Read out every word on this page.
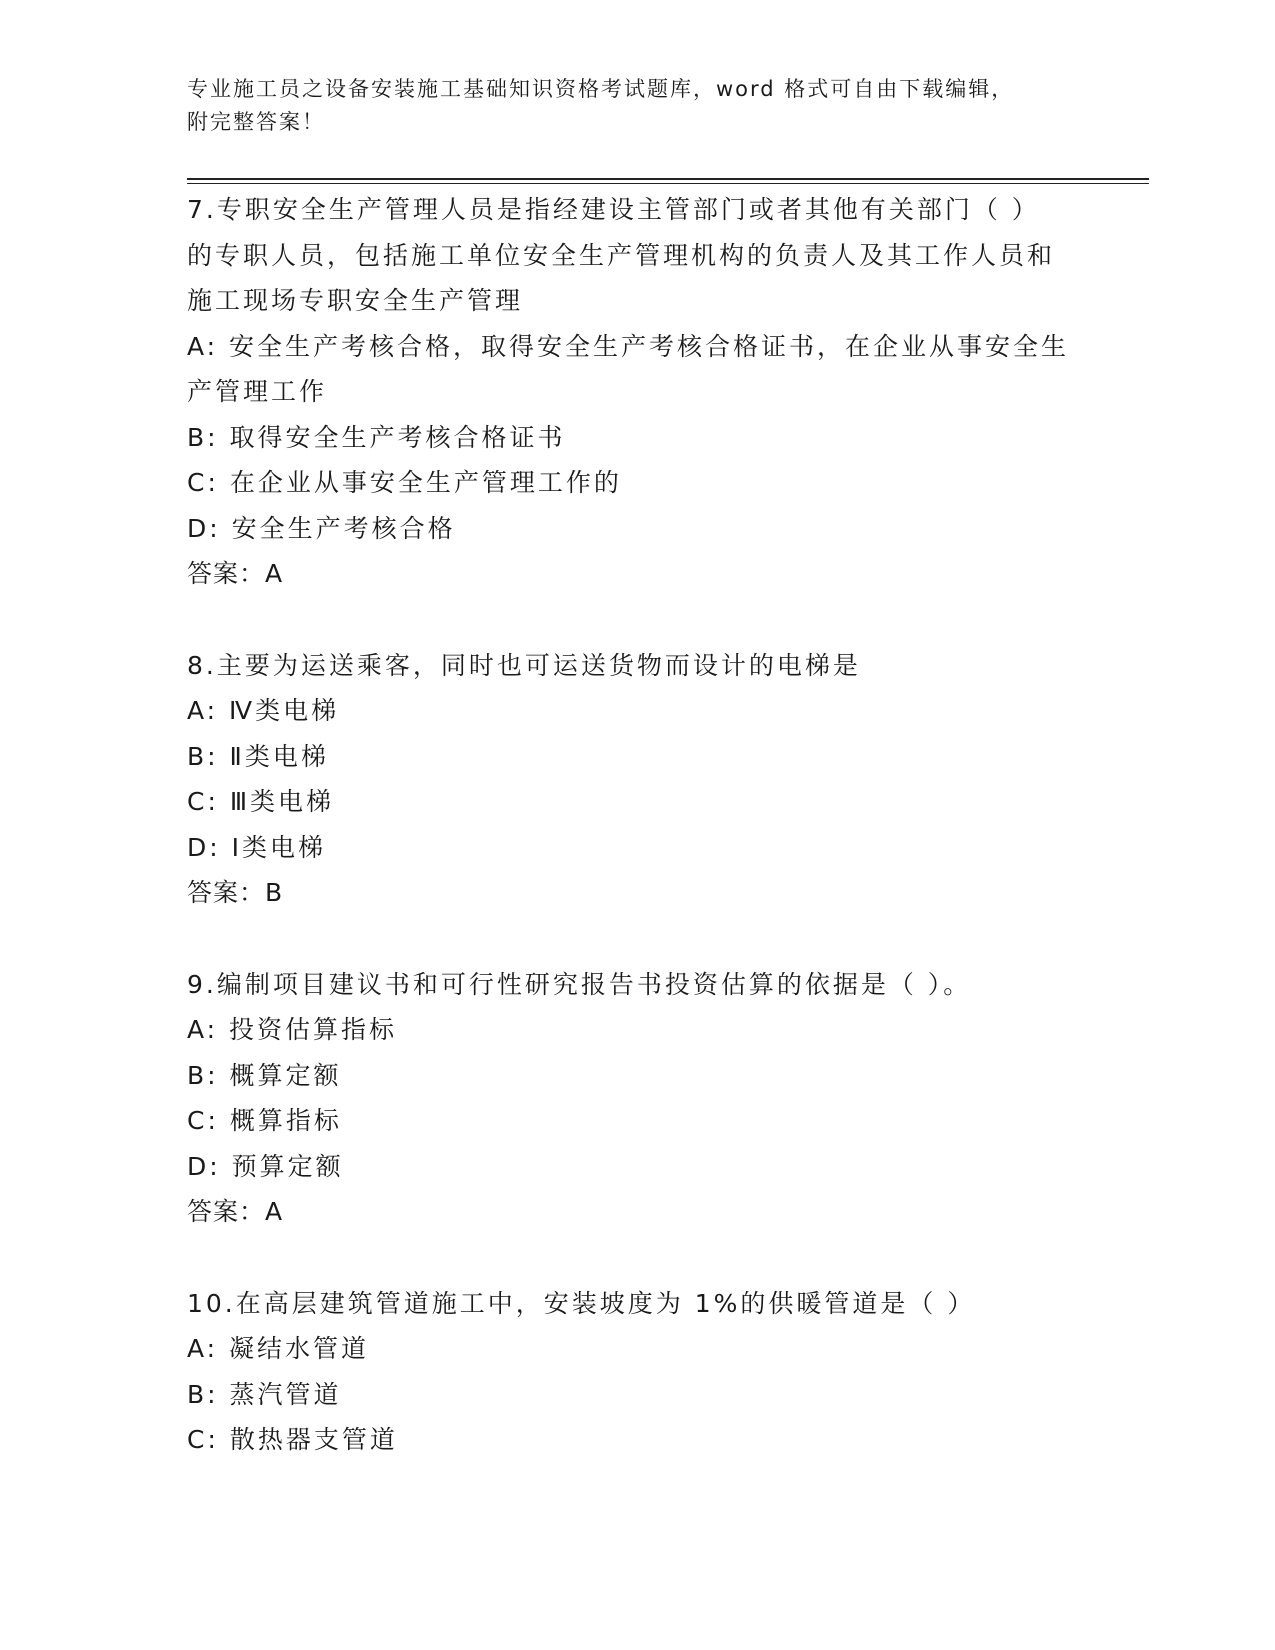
专业施工员之设备安装施工基础知识资格考试题库，word 格式可自由下载编辑，
附完整答案！
7.专职安全生产管理人员是指经建设主管部门或者其他有关部门（ ）的专职人员，包括施工单位安全生产管理机构的负责人及其工作人员和施工现场专职安全生产管理
A: 安全生产考核合格，取得安全生产考核合格证书，在企业从事安全生产管理工作
B: 取得安全生产考核合格证书
C: 在企业从事安全生产管理工作的
D: 安全生产考核合格
答案：A
8.主要为运送乘客，同时也可运送货物而设计的电梯是
A: Ⅳ类电梯
B: Ⅱ类电梯
C: Ⅲ类电梯
D: Ⅰ类电梯
答案：B
9.编制项目建议书和可行性研究报告书投资估算的依据是（ ）。
A: 投资估算指标
B: 概算定额
C: 概算指标
D: 预算定额
答案：A
10.在高层建筑管道施工中，安装坡度为 1%的供暖管道是（ ）
A: 凝结水管道
B: 蒸汽管道
C: 散热器支管道
